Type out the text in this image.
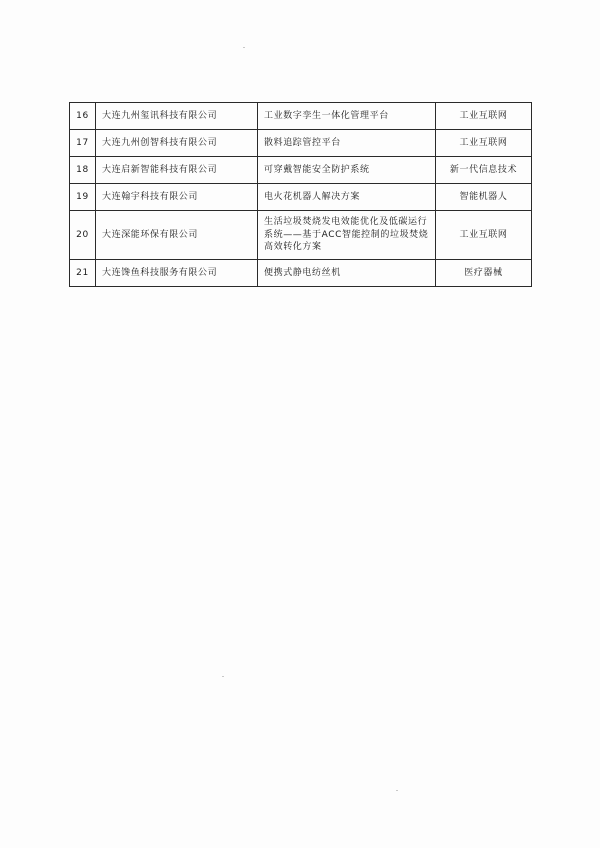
16	大连九州玺讯科技有限公司	工业数字孪生一体化管理平台	工业互联网
17	大连九州创智科技有限公司	散料追踪管控平台	工业互联网
18	大连启新智能科技有限公司	可穿戴智能安全防护系统	新一代信息技术
19	大连翰宇科技有限公司	电火花机器人解决方案	智能机器人
20	大连深能环保有限公司	生活垃圾焚烧发电效能优化及低碳运行系统——基于ACC智能控制的垃圾焚烧高效转化方案	工业互联网
21	大连馋鱼科技服务有限公司	便携式静电纺丝机	医疗器械
